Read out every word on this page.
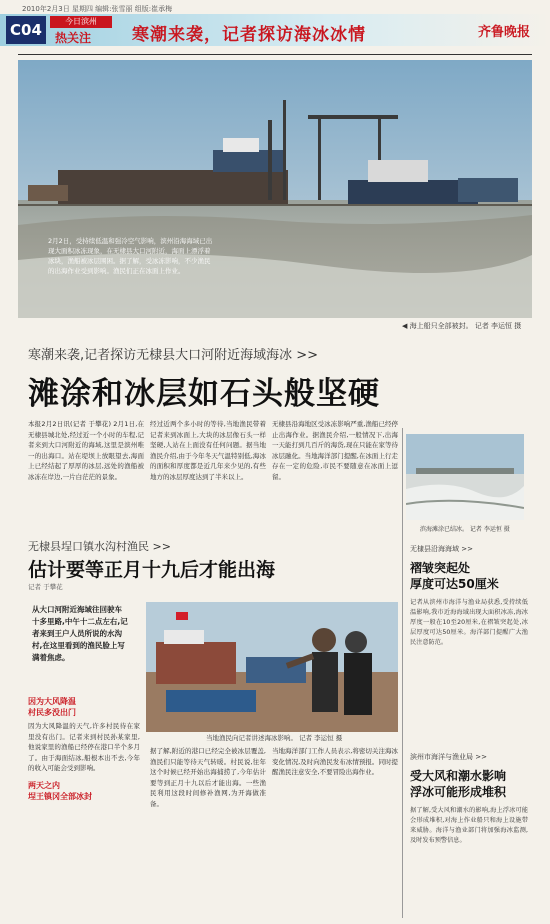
2010年2月3日 星期四 编辑:张雪丽 组版:崔承梅
C04	今日滨州
热关注 寒潮来袭，记者探访海冰冰情	齐鲁晚报
2月2日，受持续低温和强冷空气影响，滨州沿海海域已出现大面积冰冻现象，在无棣县大口河附近，海面上漂浮着冰块，渔船被冰层围困。据了解，受冰冻影响，不少渔民的出海作业受到影响。渔民们正在冰面上作业。
◀ 海上船只全部被封。 记者 李运恒 摄
寒潮来袭,记者探访无棣县大口河附近海域海冰 >>
滩涂和冰层如石头般坚硬
本报2月2日讯(记者 于攀花) 2月1日,在无棣县城北处,经过近一个小时的车程,记者来到大口河附近的海域,这里是滨州唯一的出海口。站在堤坝上放眼望去,海面上已经结起了厚厚的冰层,远处的渔船被冰冻在岸边,一片白茫茫的景象。
经过近两个多小时的等待,当地渔民带着记者来到冰面上,大块的冰层像石头一样坚硬,人站在上面没有任何问题。据当地渔民介绍,由于今年冬天气温特别低,海冰的面积和厚度都是近几年来少见的,有些地方的冰层厚度达到了半米以上。
无棣县沿海地区受冰冻影响严重,渔船已经停止出海作业。据渔民介绍,一般情况下,出海一天能打到几百斤的海货,现在只能在家等待冰层融化。当地海洋部门提醒,在冰面上行走存在一定的危险,市民不要随意在冰面上逗留。
滨海滩涂已结冰。 记者 李运恒 摄
无棣县埕口镇水沟村渔民 >>
估计要等正月十九后才能出海
记者 于攀花
从大口河附近海域往回驶车十多里路,中午十二点左右,记者来到王户人员所说的水沟村,在这里看到的渔民脸上写满着焦虑。
当地渔民向记者讲述海冰影响。 记者 李运恒 摄
因为大风降温
村民多没出门
因为大风降温的天气,许多村民待在家里没有出门。记者来到村民孙某家里,他说家里的渔船已经停在港口半个多月了。由于海面结冰,船根本出不去,今年的收入可能会受到影响。
两天之内
埕王镇冈全部冰封
据了解,附近的港口已经完全被冰层覆盖,渔民们只能等待天气转暖。村民说,往年这个时候已经开始出海捕捞了,今年估计要等到正月十九以后才能出海。一些渔民利用这段时间修补渔网,为开海做准备。
当地海洋部门工作人员表示,将密切关注海冰变化情况,及时向渔民发布冰情预报。同时提醒渔民注意安全,不要冒险出海作业。
无棣县沿海海域 >>
褶皱突起处
厚度可达50厘米
记者从滨州市海洋与渔业局获悉,受持续低温影响,我市近海海域出现大面积冰冻,海冰厚度一般在10至20厘米,在褶皱突起处,冰层厚度可达50厘米。海洋部门提醒广大渔民注意防范。
滨州市海洋与渔业局 >>
受大风和潮水影响
浮冰可能形成堆积
据了解,受大风和潮水的影响,海上浮冰可能会形成堆积,对海上作业船只和海上设施带来威胁。海洋与渔业部门将加强海冰监测,及时发布预警信息。
